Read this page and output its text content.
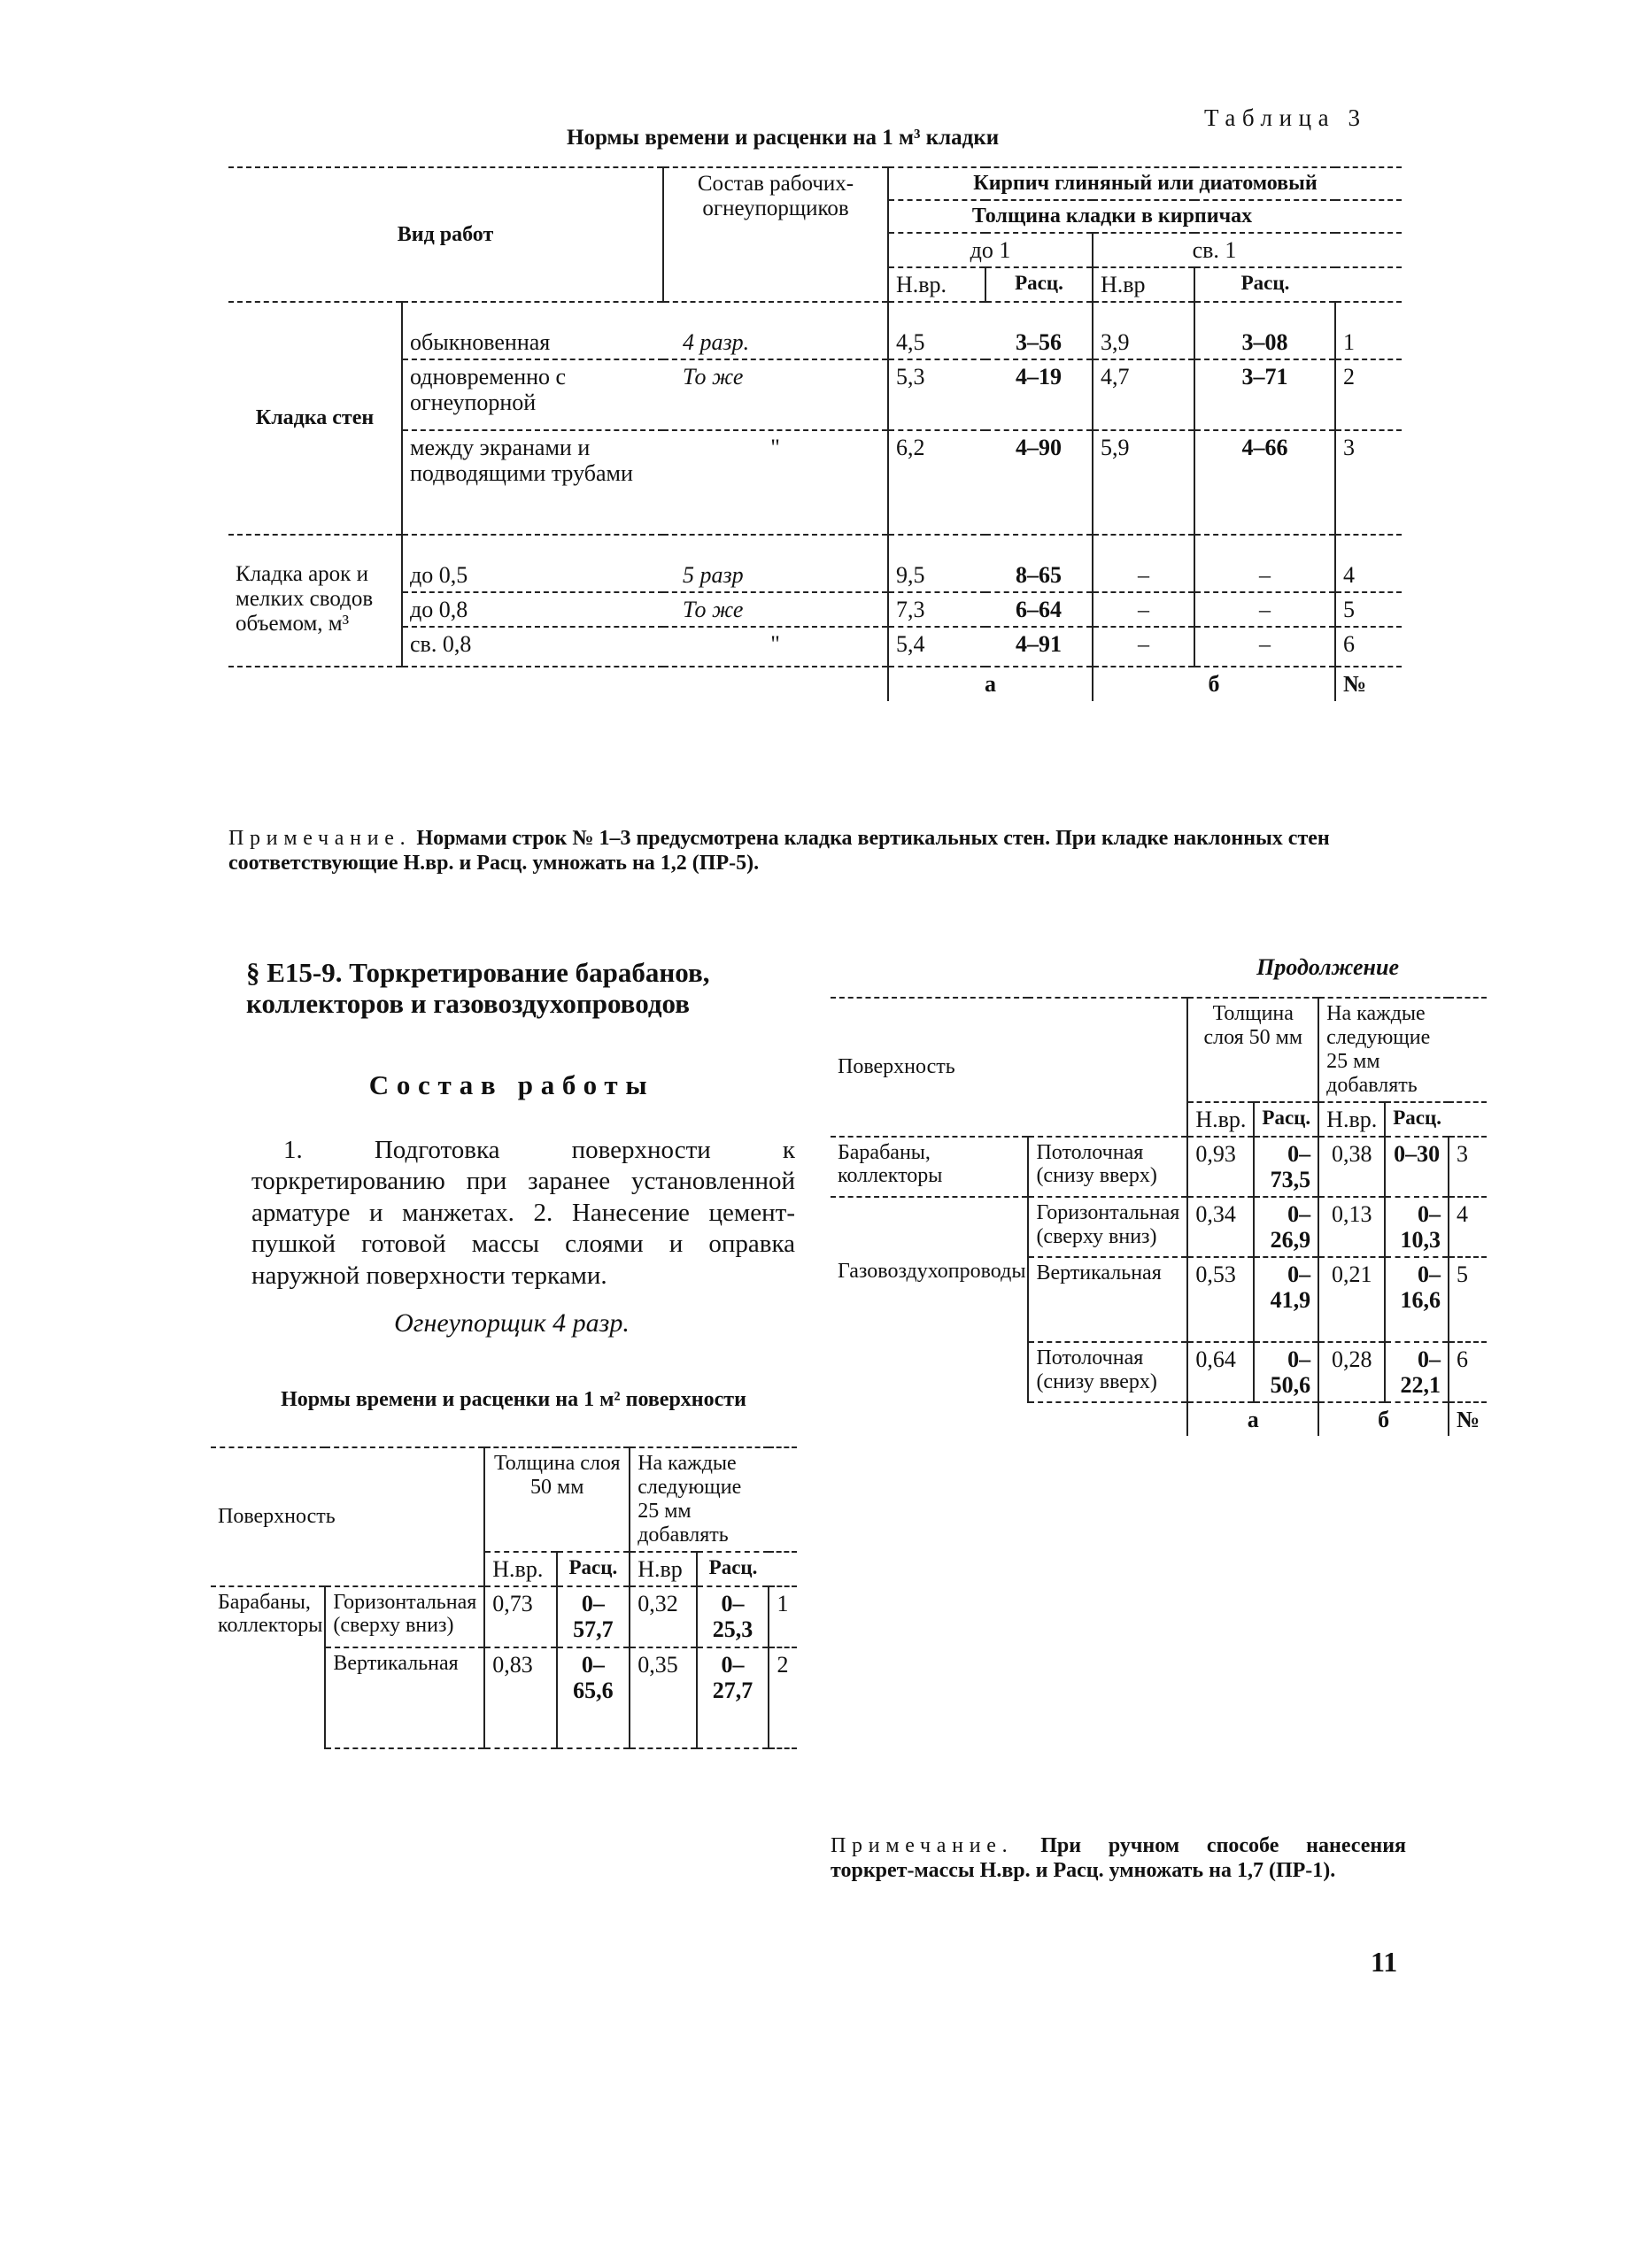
Таблица 3
Нормы времени и расценки на 1 м³ кладки
Вид работ		Состав рабочих-огнеупорщиков	Кирпич глиняный или диатомовый				
			Толщина кладки в кирпичах				
			до 1		св. 1		
			Н.вр.	Расц.	Н.вр	Расц.	
Кладка стен	обыкновенная	4 разр.	4,5	3–56	3,9	3–08	1
	одновременно с огнеупорной	То же	5,3	4–19	4,7	3–71	2
	между экранами и подводящими трубами	"	6,2	4–90	5,9	4–66	3
Кладка арок и мелких сводов объемом, м³	до 0,5	5 разр	9,5	8–65	–	–	4
	до 0,8	То же	7,3	6–64	–	–	5
	св. 0,8	"	5,4	4–91	–	–	6
			а		б		№
Примечание. Нормами строк № 1–3 предусмотрена кладка вертикальных стен. При кладке наклонных стен соответствующие Н.вр. и Расц. умножать на 1,2 (ПР-5).
§ Е15-9. Торкретирование барабанов, коллекторов и газовоздухопроводов
Состав работы
1. Подготовка поверхности к торкретированию при заранее установленной арматуре и манжетах. 2. Нанесение цемент-пушкой готовой массы слоями и оправка наружной поверхности терками.
Огнеупорщик 4 разр.
Нормы времени и расценки на 1 м² поверхности
Поверхность		Толщина слоя 50 мм		На каждые следующие 25 мм добавлять		
		Н.вр.	Расц.	Н.вр	Расц.	
Барабаны, коллекторы	Горизонтальная (сверху вниз)	0,73	0–57,7	0,32	0–25,3	1
	Вертикальная	0,83	0–65,6	0,35	0–27,7	2
Продолжение
Поверхность		Толщина слоя 50 мм		На каждые следующие 25 мм добавлять		
		Н.вр.	Расц.	Н.вр.	Расц.	
Барабаны, коллекторы	Потолочная (снизу вверх)	0,93	0–73,5	0,38	0–30	3
Газовоздухопроводы	Горизонтальная (сверху вниз)	0,34	0–26,9	0,13	0–10,3	4
	Вертикальная	0,53	0–41,9	0,21	0–16,6	5
	Потолочная (снизу вверх)	0,64	0–50,6	0,28	0–22,1	6
		а		б		№
Примечание. При ручном способе нанесения торкрет-массы Н.вр. и Расц. умножать на 1,7 (ПР-1).
11
